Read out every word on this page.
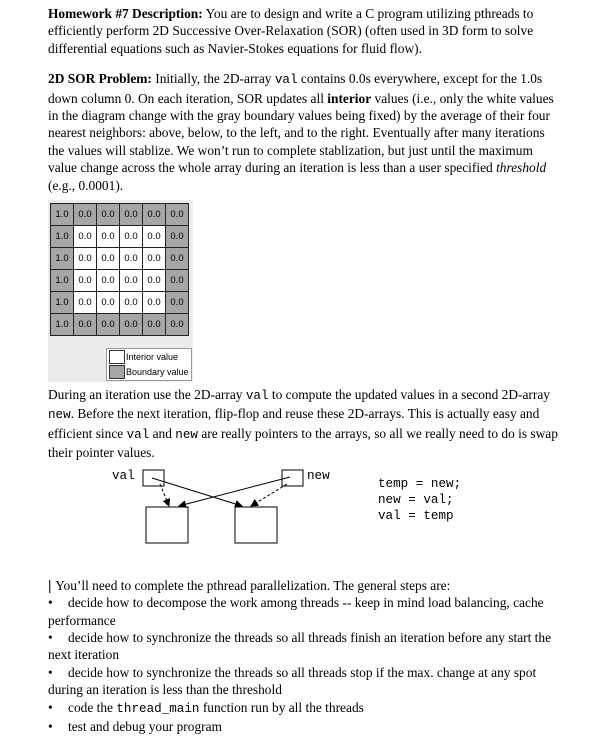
Homework #7 Description: You are to design and write a C program utilizing pthreads to efficiently perform 2D Successive Over-Relaxation (SOR) (often used in 3D form to solve differential equations such as Navier-Stokes equations for fluid flow).
2D SOR Problem: Initially, the 2D-array val contains 0.0s everywhere, except for the 1.0s down column 0. On each iteration, SOR updates all interior values (i.e., only the white values in the diagram change with the gray boundary values being fixed) by the average of their four nearest neighbors: above, below, to the left, and to the right. Eventually after many iterations the values will stablize. We won’t run to complete stablization, but just until the maximum value change across the whole array during an iteration is less than a user specified threshold (e.g., 0.0001).
1.0	0.0	0.0	0.0	0.0	0.0
1.0	0.0	0.0	0.0	0.0	0.0
1.0	0.0	0.0	0.0	0.0	0.0
1.0	0.0	0.0	0.0	0.0	0.0
1.0	0.0	0.0	0.0	0.0	0.0
1.0	0.0	0.0	0.0	0.0	0.0
Interior value
Boundary value
During an iteration use the 2D-array val to compute the updated values in a second 2D-array new. Before the next iteration, flip-flop and reuse these 2D-arrays. This is actually easy and efficient since val and new are really pointers to the arrays, so all we really need to do is swap their pointer values.
val	new
temp = new;
new = val;
val = temp
| You’ll need to complete the pthread parallelization. The general steps are:
• decide how to decompose the work among threads -- keep in mind load balancing, cache performance
• decide how to synchronize the threads so all threads finish an iteration before any start the next iteration
• decide how to synchronize the threads so all threads stop if the max. change at any spot during an iteration is less than the threshold
• code the thread_main function run by all the threads
• test and debug your program
